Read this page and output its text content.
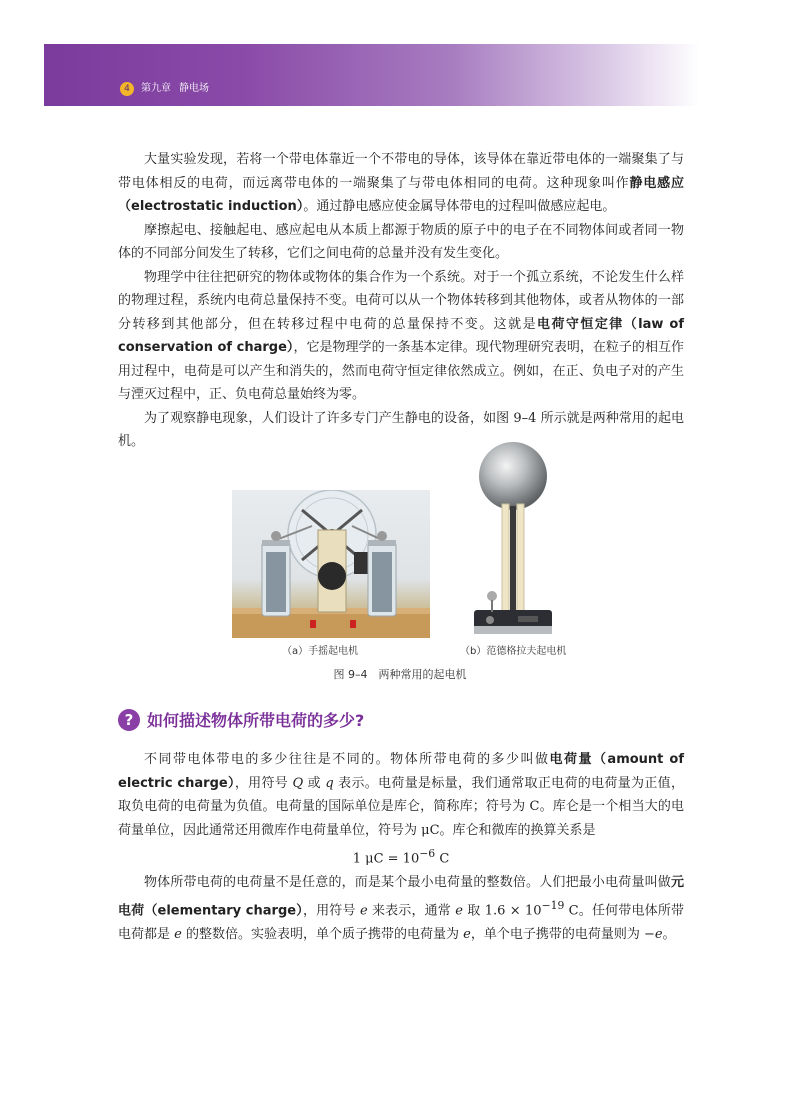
4	第九章 静电场

大量实验发现，若将一个带电体靠近一个不带电的导体，该导体在靠近带电体的一端聚集了与带电体相反的电荷，而远离带电体的一端聚集了与带电体相同的电荷。这种现象叫作静电感应（electrostatic induction）。通过静电感应使金属导体带电的过程叫做感应起电。

摩擦起电、接触起电、感应起电从本质上都源于物质的原子中的电子在不同物体间或者同一物体的不同部分间发生了转移，它们之间电荷的总量并没有发生变化。

物理学中往往把研究的物体或物体的集合作为一个系统。对于一个孤立系统，不论发生什么样的物理过程，系统内电荷总量保持不变。电荷可以从一个物体转移到其他物体，或者从物体的一部分转移到其他部分，但在转移过程中电荷的总量保持不变。这就是电荷守恒定律（law of conservation of charge），它是物理学的一条基本定律。现代物理研究表明，在粒子的相互作用过程中，电荷是可以产生和消失的，然而电荷守恒定律依然成立。例如，在正、负电子对的产生与湮灭过程中，正、负电荷总量始终为零。

为了观察静电现象，人们设计了许多专门产生静电的设备，如图 9–4 所示就是两种常用的起电机。

（a）手摇起电机	（b）范德格拉夫起电机
图 9–4　两种常用的起电机
? 如何描述物体所带电荷的多少?

不同带电体带电的多少往往是不同的。物体所带电荷的多少叫做电荷量（amount of electric charge），用符号 Q 或 q 表示。电荷量是标量，我们通常取正电荷的电荷量为正值，取负电荷的电荷量为负值。电荷量的国际单位是库仑，简称库；符号为 C。库仑是一个相当大的电荷量单位，因此通常还用微库作电荷量单位，符号为 μC。库仑和微库的换算关系是

1 $\mu C = 10^{-6}$ C

物体所带电荷的电荷量不是任意的，而是某个最小电荷量的整数倍。人们把最小电荷量叫做元电荷（elementary charge），用符号 e 来表示，通常 e 取 $1.6 \times 10^{-19}$ C。任何带电体所带电荷都是 e 的整数倍。实验表明，单个质子携带的电荷量为 e，单个电子携带的电荷量则为 −e。
